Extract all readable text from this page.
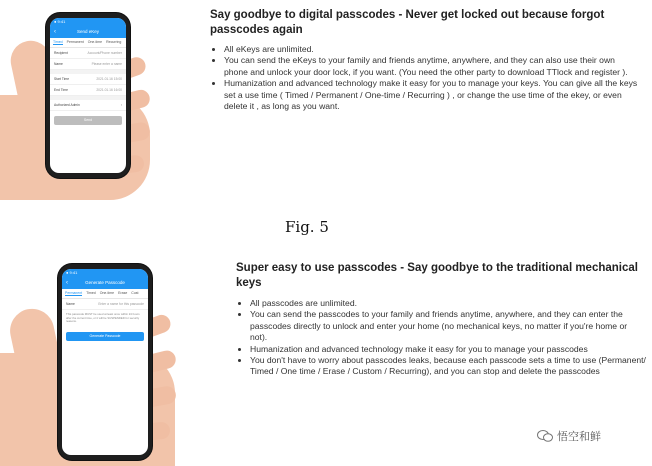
● 9:41
‹	Send eKey
Timed Permanent One-time Recurring
Recipient	Account/Phone number
Name	Please enter a name
Start Time	2021.01.16 15:00
End Time	2021.01.16 16:00
Authorized Admin	▪
Send
Say goodbye to digital passcodes - Never get locked out because forgot passcodes again
• All eKeys are unlimited.
• You can send the eKeys to your family and friends anytime, anywhere, and they can also use their own phone and unlock your door lock, if you want. (You need the other party to download TTlock and register ).
• Humanization and advanced technology make it easy for you to manage your keys. You can give all the keys set a use time ( Timed / Permanent / One-time / Recurring ) , or change the use time of the ekey, or even delete it , as long as you want.
Fig. 5
● 9:41
‹	Generate Passcode
Permanent Timed One-time Erase Cust
Name	Enter a name for this passcode
This passcode MUST be used at least once within 24 hours after the current time, or it will be SUSPENDED for security reasons.
Generate Passcode
Super easy to use passcodes - Say goodbye to the traditional mechanical keys
• All passcodes are unlimited.
• You can send the passcodes to your family and friends anytime, anywhere, and they can enter the passcodes directly to unlock and enter your home (no mechanical keys, no matter if you're home or not).
• Humanization and advanced technology make it easy for you to manage your passcodes
• You don't have to worry about passcodes leaks, because each passcode sets a time to use (Permanent/ Timed / One time / Erase / Custom / Recurring), and you can stop and delete the passcodes
悟空和鲜
